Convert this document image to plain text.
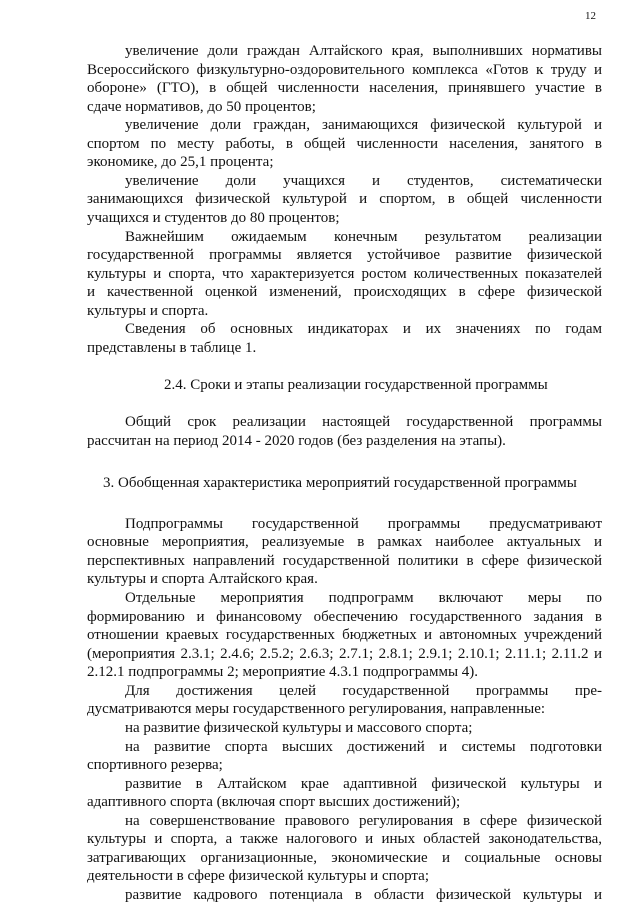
12
увеличение доли граждан Алтайского края, выполнивших нормативы
Всероссийского физкультурно-оздоровительного комплекса «Готов к труду и
обороне» (ГТО), в общей численности населения, принявшего участие в
сдаче нормативов, до 50 процентов;
увеличение доли граждан, занимающихся физической культурой и
спортом по месту работы, в общей численности населения, занятого в
экономике, до 25,1 процента;
увеличение доли учащихся и студентов, систематически
занимающихся физической культурой и спортом, в общей численности
учащихся и студентов до 80 процентов;
Важнейшим ожидаемым конечным результатом реализации
государственной программы является устойчивое развитие физической
культуры и спорта, что характеризуется ростом количественных показателей
и качественной оценкой изменений, происходящих в сфере физической
культуры и спорта.
Сведения об основных индикаторах и их значениях по годам
представлены в таблице 1.
2.4. Сроки и этапы реализации государственной программы
Общий срок реализации настоящей государственной программы
рассчитан на период 2014 - 2020 годов (без разделения на этапы).
3. Обобщенная характеристика мероприятий государственной программы
Подпрограммы государственной программы предусматривают
основные мероприятия, реализуемые в рамках наиболее актуальных и
перспективных направлений государственной политики в сфере физической
культуры и спорта Алтайского края.
Отдельные мероприятия подпрограмм включают меры по
формированию и финансовому обеспечению государственного задания в
отношении краевых государственных бюджетных и автономных учреждений
(мероприятия 2.3.1; 2.4.6; 2.5.2; 2.6.3; 2.7.1; 2.8.1; 2.9.1; 2.10.1; 2.11.1; 2.11.2 и
2.12.1 подпрограммы 2; мероприятие 4.3.1 подпрограммы 4).
Для достижения целей государственной программы пре-
дусматриваются меры государственного регулирования, направленные:
на развитие физической культуры и массового спорта;
на развитие спорта высших достижений и системы подготовки
спортивного резерва;
развитие в Алтайском крае адаптивной физической культуры и
адаптивного спорта (включая спорт высших достижений);
на совершенствование правового регулирования в сфере физической
культуры и спорта, а также налогового и иных областей законодательства,
затрагивающих организационные, экономические и социальные основы
деятельности в сфере физической культуры и спорта;
развитие кадрового потенциала в области физической культуры и
